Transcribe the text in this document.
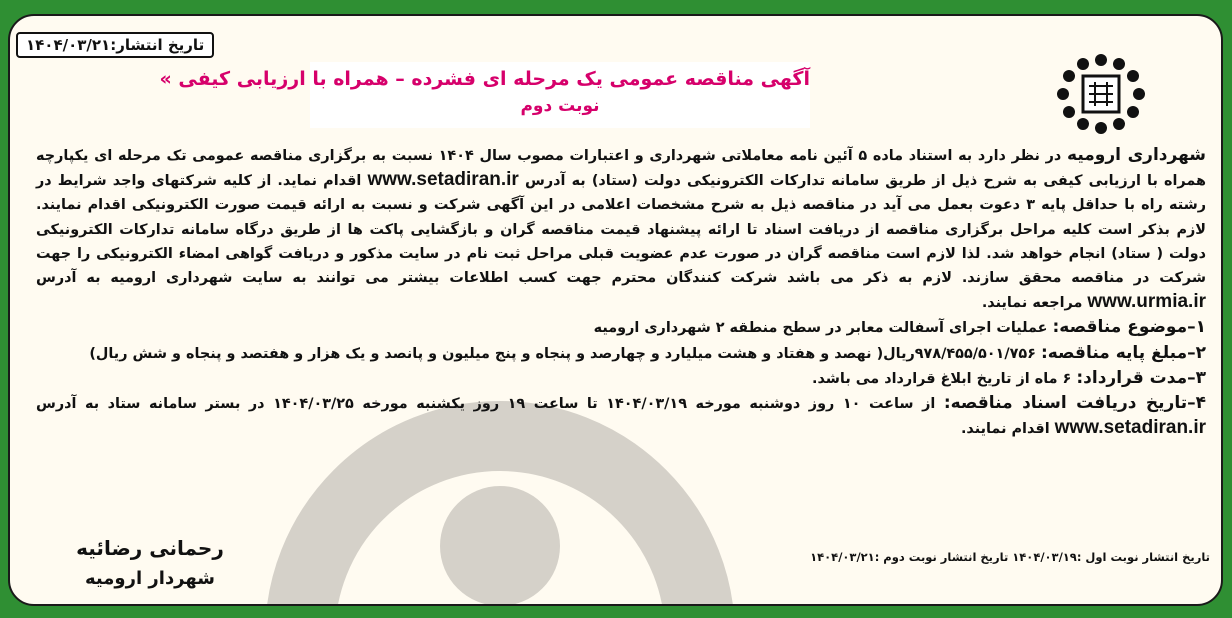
تاریخ انتشار:۱۴۰۴/۰۳/۲۱
آگهی مناقصه عمومی یک مرحله ای فشرده – همراه با ارزیابی کیفی »
نوبت دوم

شهرداری ارومیه در نظر دارد به استناد ماده ۵ آئین نامه معاملاتی شهرداری و اعتبارات مصوب سال ۱۴۰۴ نسبت به برگزاری مناقصه عمومی تک مرحله ای یکپارچه همراه با ارزیابی کیفی به شرح ذیل از طریق سامانه تدارکات الکترونیکی دولت (ستاد) به آدرس www.setadiran.ir اقدام نماید. از کلیه شرکتهای واجد شرایط در رشته راه با حداقل پایه ۳ دعوت بعمل می آید در مناقصه ذیل به شرح مشخصات اعلامی در این آگهی شرکت و نسبت به ارائه قیمت صورت الکترونیکی اقدام نمایند. لازم بذکر است کلیه مراحل برگزاری مناقصه از دریافت اسناد تا ارائه پیشنهاد قیمت مناقصه گران و بازگشایی پاکت ها از طریق درگاه سامانه تدارکات الکترونیکی دولت ( ستاد) انجام خواهد شد. لذا لازم است مناقصه گران در صورت عدم عضویت قبلی مراحل ثبت نام در سایت مذکور و دریافت گواهی امضاء الکترونیکی را جهت شرکت در مناقصه محقق سازند. لازم به ذکر می باشد شرکت کنندگان محترم جهت کسب اطلاعات بیشتر می توانند به سایت شهرداری ارومیه به آدرس www.urmia.ir مراجعه نمایند.

۱–موضوع مناقصه: عملیات اجرای آسفالت معابر در سطح منطقه ۲ شهرداری ارومیه

۲–مبلغ پایه مناقصه: ۹۷۸/۴۵۵/۵۰۱/۷۵۶ریال( نهصد و هفتاد و هشت میلیارد و چهارصد و پنجاه و پنج میلیون و پانصد و یک هزار و هفتصد و پنجاه و شش ریال)

۳–مدت قرارداد: ۶ ماه از تاریخ ابلاغ قرارداد می باشد.

۴–تاریخ دریافت اسناد مناقصه: از ساعت ۱۰ روز دوشنبه مورخه ۱۴۰۴/۰۳/۱۹ تا ساعت ۱۹ روز یکشنبه مورخه ۱۴۰۴/۰۳/۲۵ در بستر سامانه ستاد به آدرس www.setadiran.ir اقدام نمایند.

تاریخ انتشار نوبت اول :۱۴۰۴/۰۳/۱۹ تاریخ انتشار نوبت دوم :۱۴۰۴/۰۳/۲۱
رحمانی رضائیه
شهردار ارومیه
